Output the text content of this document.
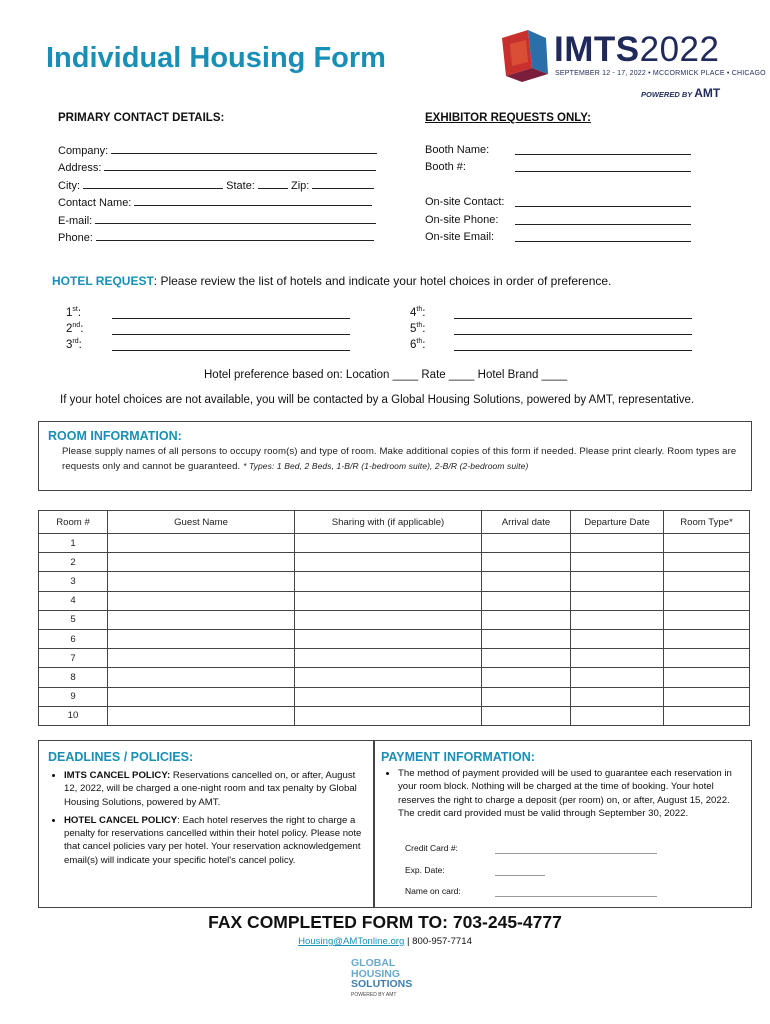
Individual Housing Form	IMTS2022
SEPTEMBER 12 - 17, 2022 • MCCORMICK PLACE • CHICAGO
POWERED BY AMT
PRIMARY CONTACT DETAILS:	EXHIBITOR REQUESTS ONLY:
Company:
Address:
City:	State:	Zip:
Contact Name:
E-mail:
Phone:
Booth Name:
Booth #:
On-site Contact:
On-site Phone:
On-site Email:
HOTEL REQUEST: Please review the list of hotels and indicate your hotel choices in order of preference.
1st:
2nd:
3rd:
4th:
5th:
6th:
Hotel preference based on: Location ____ Rate ____ Hotel Brand ____
If your hotel choices are not available, you will be contacted by a Global Housing Solutions, powered by AMT, representative.
ROOM INFORMATION:
Please supply names of all persons to occupy room(s) and type of room. Make additional copies of this form if needed. Please print clearly. Room types are requests only and cannot be guaranteed. * Types: 1 Bed, 2 Beds, 1-B/R (1-bedroom suite), 2-B/R (2-bedroom suite)
Room #	Guest Name	Sharing with (if applicable)	Arrival date	Departure Date	Room Type*
1					
2					
3					
4					
5					
6					
7					
8					
9					
10					
DEADLINES / POLICIES:
• IMTS CANCEL POLICY: Reservations cancelled on, or after, August 12, 2022, will be charged a one-night room and tax penalty by Global Housing Solutions, powered by AMT.
• HOTEL CANCEL POLICY: Each hotel reserves the right to charge a penalty for reservations cancelled within their hotel policy. Please note that cancel policies vary per hotel. Your reservation acknowledgement email(s) will indicate your specific hotel's cancel policy.
PAYMENT INFORMATION:
• The method of payment provided will be used to guarantee each reservation in your room block. Nothing will be charged at the time of booking. Your hotel reserves the right to charge a deposit (per room) on, or after, August 15, 2022. The credit card provided must be valid through September 30, 2022.
Credit Card #:
Exp. Date:
Name on card:
FAX COMPLETED FORM TO: 703-245-4777
Housing@AMTonline.org | 800-957-7714
GLOBAL
HOUSING
SOLUTIONS
POWERED BY AMT
